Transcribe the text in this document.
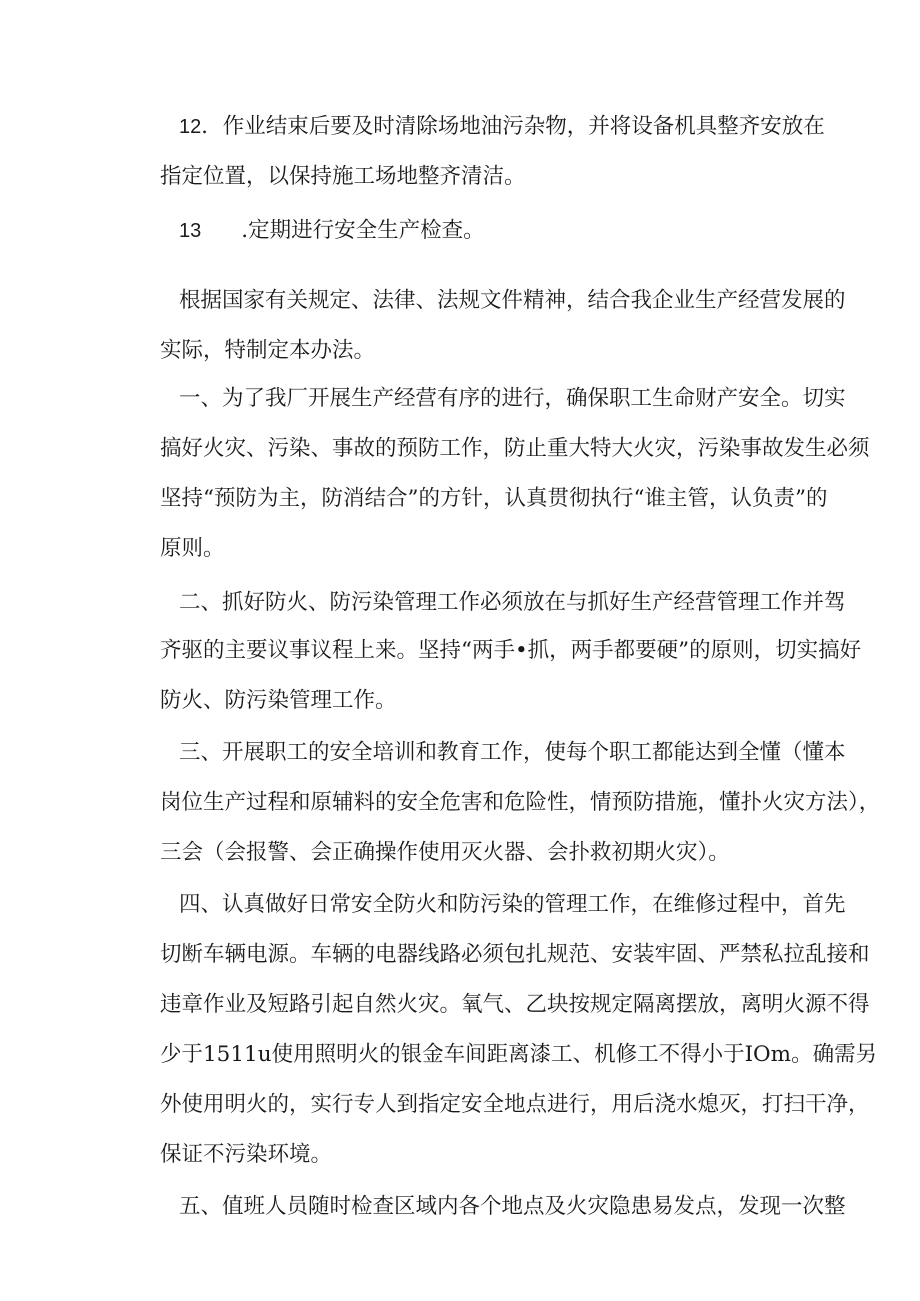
12．作业结束后要及时清除场地油污杂物，并将设备机具整齐安放在
指定位置，以保持施工场地整齐清洁。
13 .定期进行安全生产检查。
根据国家有关规定、法律、法规文件精神，结合我企业生产经营发展的
实际，特制定本办法。
一、为了我厂开展生产经营有序的进行，确保职工生命财产安全。切实
搞好火灾、污染、事故的预防工作，防止重大特大火灾，污染事故发生必须
坚持“预防为主，防消结合”的方针，认真贯彻执行“谁主管，认负责”的
原则。
二、抓好防火、防污染管理工作必须放在与抓好生产经营管理工作并驾
齐驱的主要议事议程上来。坚持“两手•抓，两手都要硬”的原则，切实搞好
防火、防污染管理工作。
三、开展职工的安全培训和教育工作，使每个职工都能达到全懂（懂本
岗位生产过程和原辅料的安全危害和危险性，情预防措施，懂扑火灾方法），
三会（会报警、会正确操作使用灭火器、会扑救初期火灾）。
四、认真做好日常安全防火和防污染的管理工作，在维修过程中，首先
切断车辆电源。车辆的电器线路必须包扎规范、安装牢固、严禁私拉乱接和
违章作业及短路引起自然火灾。氧气、乙块按规定隔离摆放，离明火源不得
少于1511u使用照明火的银金车间距离漆工、机修工不得小于IOm。确需另
外使用明火的，实行专人到指定安全地点进行，用后浇水熄灭，打扫干净，
保证不污染环境。
五、值班人员随时检查区域内各个地点及火灾隐患易发点，发现一次整
